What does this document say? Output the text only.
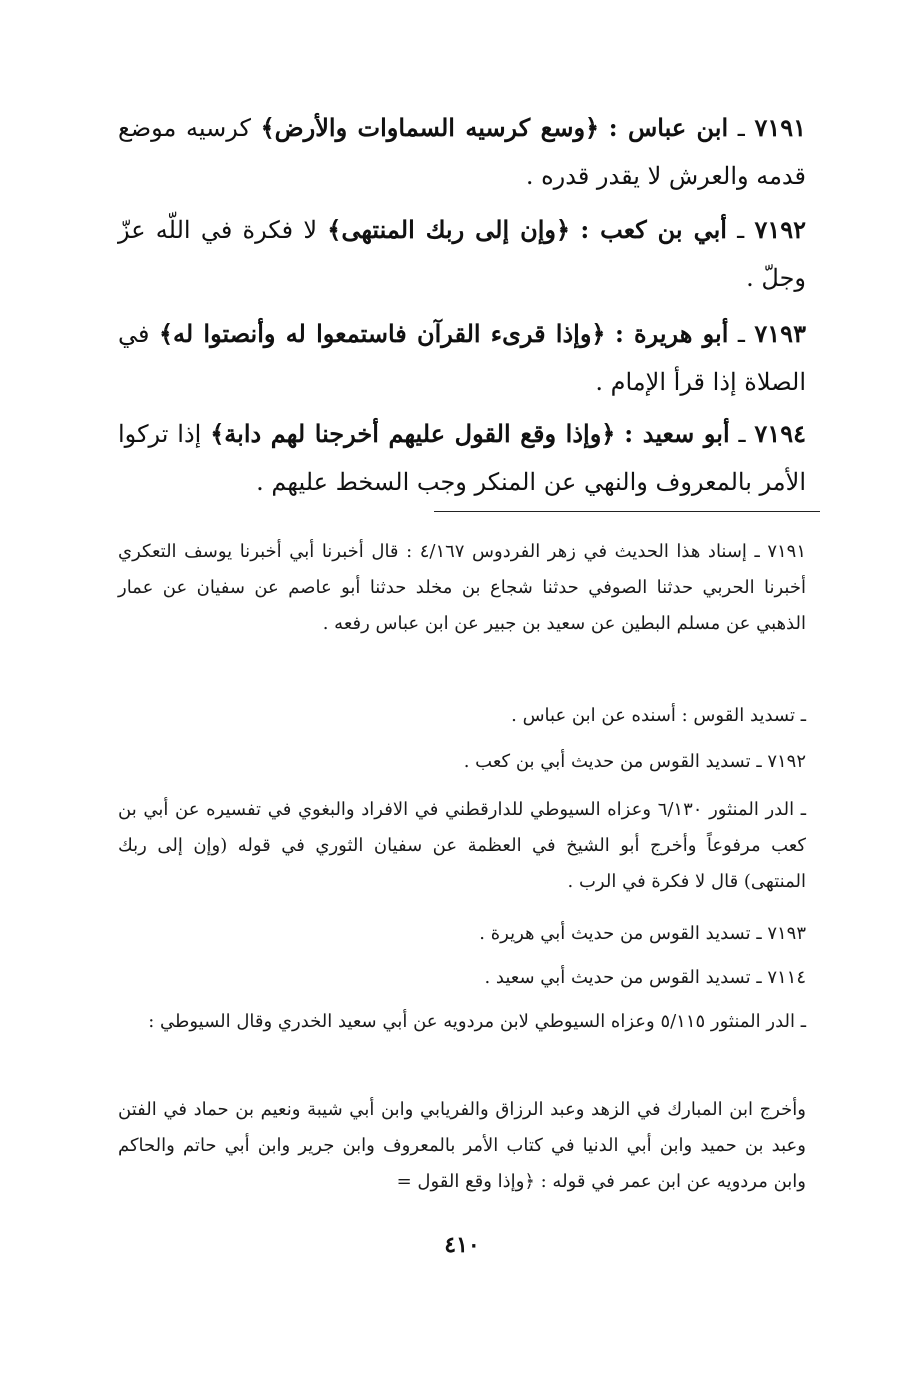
٧١٩١ ـ ابن عباس : ﴿وسع كرسيه السماوات والأرض﴾ كرسيه موضع قدمه والعرش لا يقدر قدره .
٧١٩٢ ـ أبي بن كعب : ﴿وإن إلى ربك المنتهى﴾ لا فكرة في اللّه عزّ وجلّ .
٧١٩٣ ـ أبو هريرة : ﴿وإذا قرىء القرآن فاستمعوا له وأنصتوا له﴾ في الصلاة إذا قرأ الإمام .
٧١٩٤ ـ أبو سعيد : ﴿وإذا وقع القول عليهم أخرجنا لهم دابة﴾ إذا تركوا الأمر بالمعروف والنهي عن المنكر وجب السخط عليهم .
٧١٩١ ـ إسناد هذا الحديث في زهر الفردوس ٤/١٦٧ : قال أخبرنا أبي أخبرنا يوسف التعكري أخبرنا الحربي حدثنا الصوفي حدثنا شجاع بن مخلد حدثنا أبو عاصم عن سفيان عن عمار الذهبي عن مسلم البطين عن سعيد بن جبير عن ابن عباس رفعه .
ـ تسديد القوس : أسنده عن ابن عباس .
٧١٩٢ ـ تسديد القوس من حديث أبي بن كعب .
ـ الدر المنثور ٦/١٣٠ وعزاه السيوطي للدارقطني في الافراد والبغوي في تفسيره عن أبي بن كعب مرفوعاً وأخرج أبو الشيخ في العظمة عن سفيان الثوري في قوله (وإن إلى ربك المنتهى) قال لا فكرة في الرب .
٧١٩٣ ـ تسديد القوس من حديث أبي هريرة .
٧١١٤ ـ تسديد القوس من حديث أبي سعيد .
ـ الدر المنثور ٥/١١٥ وعزاه السيوطي لابن مردويه عن أبي سعيد الخدري وقال السيوطي :
وأخرج ابن المبارك في الزهد وعبد الرزاق والفريابي وابن أبي شيبة ونعيم بن حماد في الفتن وعبد بن حميد وابن أبي الدنيا في كتاب الأمر بالمعروف وابن جرير وابن أبي حاتم والحاكم وابن مردويه عن ابن عمر في قوله : ﴿وإذا وقع القول =
٤١٠
